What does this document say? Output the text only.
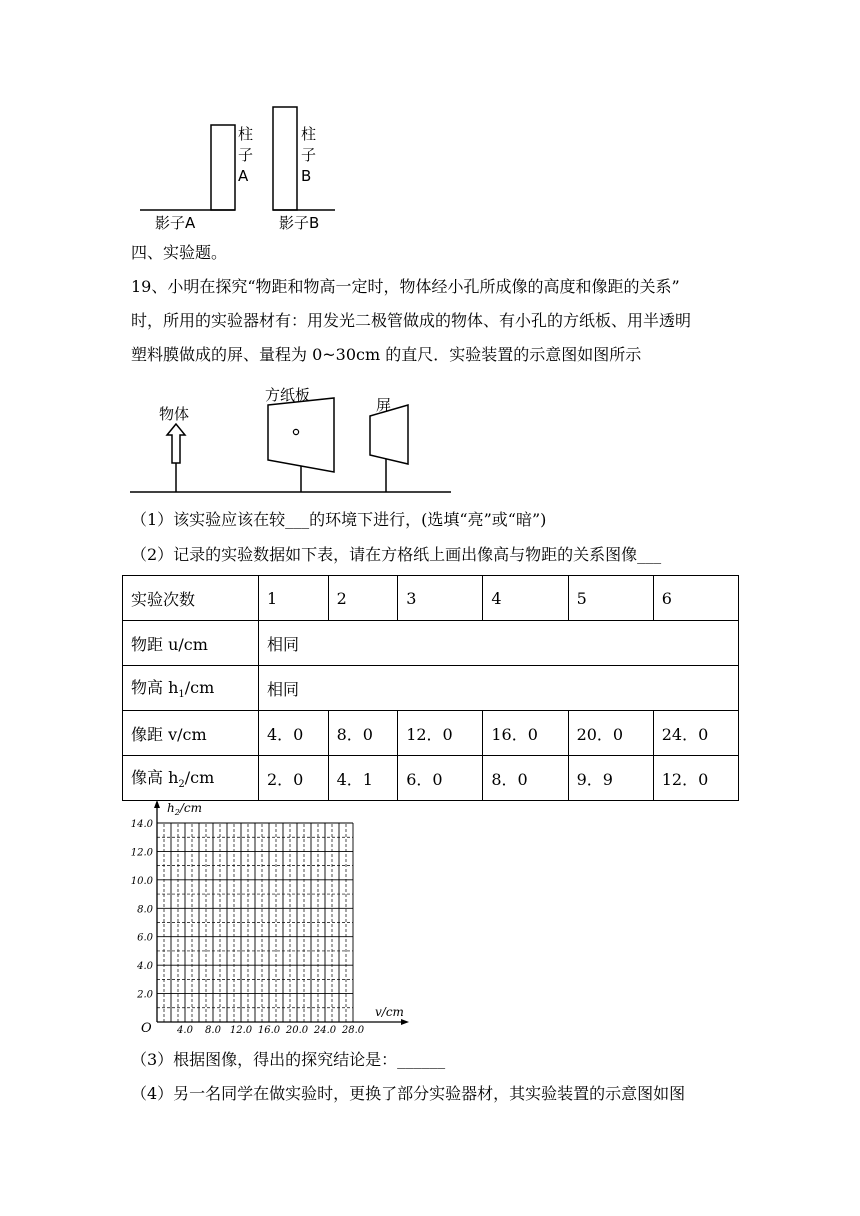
柱
子
A
柱
子
B
影子A	影子B
四、实验题。
19、小明在探究“物距和物高一定时，物体经小孔所成像的高度和像距的关系”
时，所用的实验器材有：用发光二极管做成的物体、有小孔的方纸板、用半透明
塑料膜做成的屏、量程为 0~30cm 的直尺．实验装置的示意图如图所示
物体
方纸板
屏
（1）该实验应该在较___的环境下进行，(选填“亮”或“暗”)
（2）记录的实验数据如下表，请在方格纸上画出像高与物距的关系图像___
实验次数	1	2	3	4	5	6
物距 u/cm	相同					
物高 $h_1/cm$	相同					
像距 v/cm	4．0	8．0	12．0	16．0	20．0	24．0
像高 $h_2/cm$	2．0	4．1	6．0	8．0	9．9	12．0
4.0 8.0 12.0 16.0 20.0 24.0 28.0
2.0
4.0
6.0
8.0
10.0
12.0
14.0
O
$h_2/cm$
v/cm
（3）根据图像，得出的探究结论是：______
（4）另一名同学在做实验时，更换了部分实验器材，其实验装置的示意图如图
